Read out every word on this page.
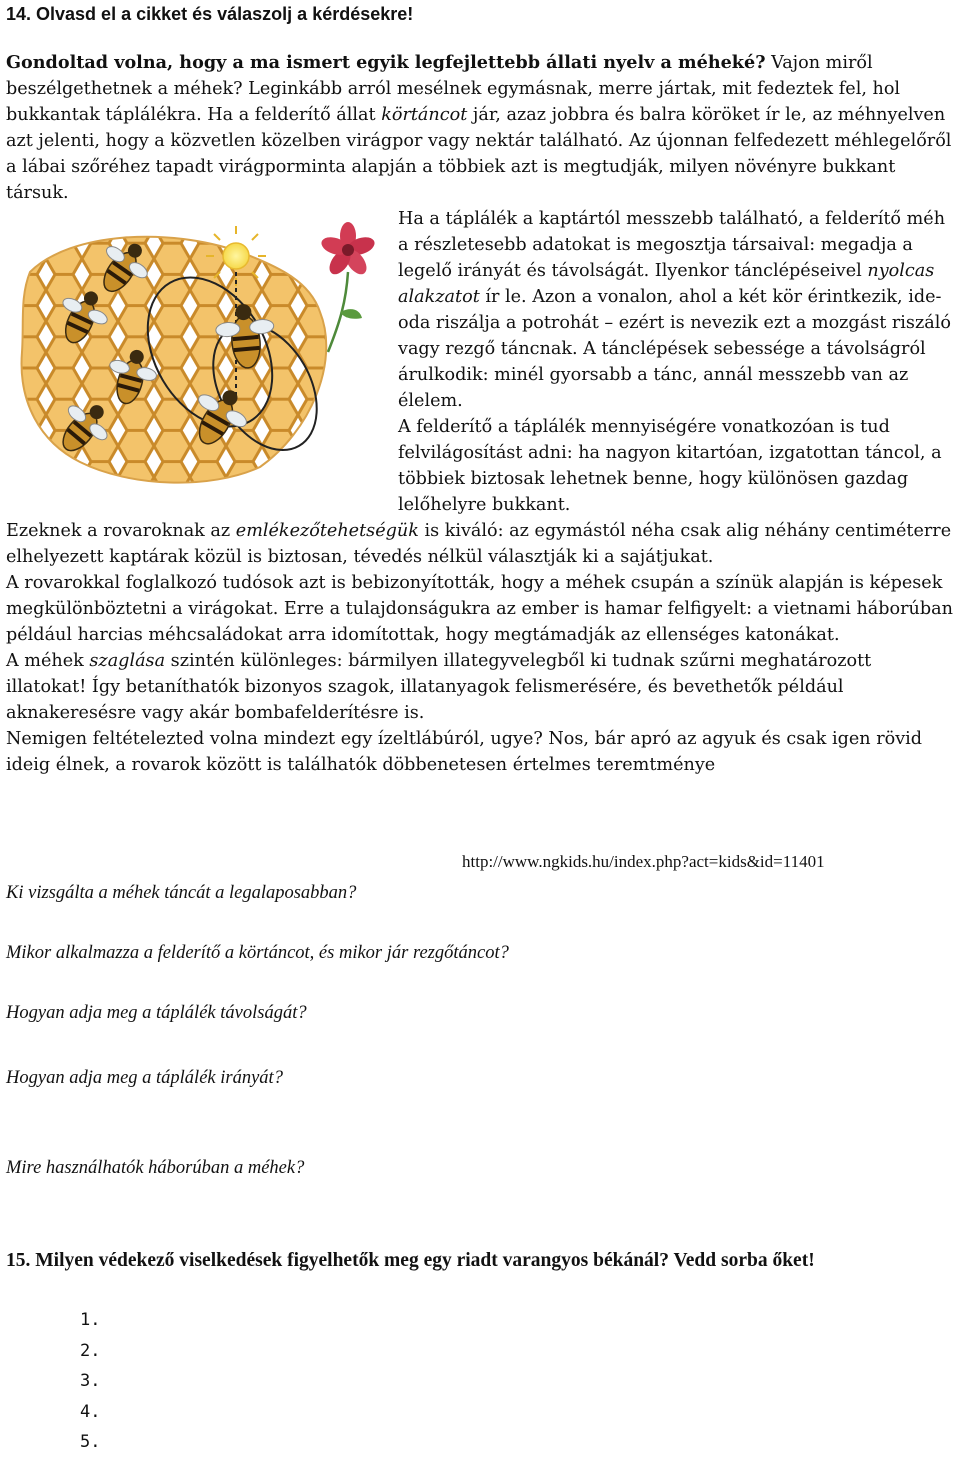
14. Olvasd el a cikket és válaszolj a kérdésekre!

Gondoltad volna, hogy a ma ismert egyik legfejlettebb állati nyelv a méheké? Vajon miről beszélgethetnek a méhek? Leginkább arról mesélnek egymásnak, merre jártak, mit fedeztek fel, hol bukkantak táplálékra. Ha a felderítő állat körtáncot jár, azaz jobbra és balra köröket ír le, az méhnyelven azt jelenti, hogy a közvetlen közelben virágpor vagy nektár található. Az újonnan felfedezett méhlegelőről a lábai szőréhez tapadt virágporminta alapján a többiek azt is megtudják, milyen növényre bukkant társuk.

Ha a táplálék a kaptártól messzebb található, a felderítő méh a részletesebb adatokat is megosztja társaival: megadja a legelő irányát és távolságát. Ilyenkor tánclépéseivel nyolcas alakzatot ír le. Azon a vonalon, ahol a két kör érintkezik, ide-oda riszálja a potrohát – ezért is nevezik ezt a mozgást riszáló vagy rezgő táncnak. A tánclépések sebessége a távolságról árulkodik: minél gyorsabb a tánc, annál messzebb van az élelem.

A felderítő a táplálék mennyiségére vonatkozóan is tud felvilágosítást adni: ha nagyon kitartóan, izgatottan táncol, a többiek biztosak lehetnek benne, hogy különösen gazdag lelőhelyre bukkant.

Ezeknek a rovaroknak az emlékezőtehetségük is kiváló: az egymástól néha csak alig néhány centiméterre elhelyezett kaptárak közül is biztosan, tévedés nélkül választják ki a sajátjukat.

A rovarokkal foglalkozó tudósok azt is bebizonyították, hogy a méhek csupán a színük alapján is képesek megkülönböztetni a virágokat. Erre a tulajdonságukra az ember is hamar felfigyelt: a vietnami háborúban például harcias méhcsaládokat arra idomítottak, hogy megtámadják az ellenséges katonákat.

A méhek szaglása szintén különleges: bármilyen illategyvelegből ki tudnak szűrni meghatározott illatokat! Így betaníthatók bizonyos szagok, illatanyagok felismerésére, és bevethetők például aknakeresésre vagy akár bombafelderítésre is.

Nemigen feltételezted volna mindezt egy ízeltlábúról, ugye? Nos, bár apró az agyuk és csak igen rövid ideig élnek, a rovarok között is találhatók döbbenetesen értelmes teremtménye

http://www.ngkids.hu/index.php?act=kids&id=11401
Ki vizsgálta a méhek táncát a legalaposabban?
Mikor alkalmazza a felderítő a körtáncot, és mikor jár rezgőtáncot?
Hogyan adja meg a táplálék távolságát?
Hogyan adja meg a táplálék irányát?
Mire használhatók háborúban a méhek?
15. Milyen védekező viselkedések figyelhetők meg egy riadt varangyos békánál? Vedd sorba őket!
1.
2.
3.
4.
5.
